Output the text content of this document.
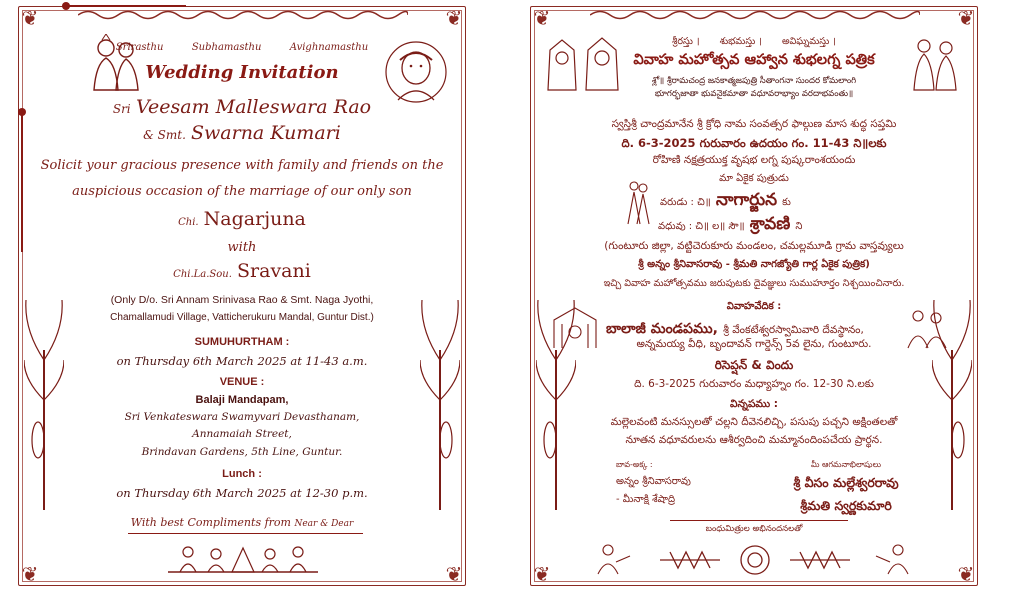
❦	❦
❦	❦
Srirasthu	Subhamasthu	Avighnamasthu
Wedding Invitation
Sri Veesam Malleswara Rao
& Smt. Swarna Kumari
Solicit your gracious presence with family and friends on the
auspicious occasion of the marriage of our only son
Chi. Nagarjuna
with
Chi.La.Sou. Sravani
(Only D/o. Sri Annam Srinivasa Rao & Smt. Naga Jyothi,
Chamallamudi Village, Vatticherukuru Mandal, Guntur Dist.)
SUMUHURTHAM :
on Thursday 6th March 2025 at 11-43 a.m.
VENUE :
Balaji Mandapam,
Sri Venkateswara Swamyvari Devasthanam,
Annamaiah Street,
Brindavan Gardens, 5th Line, Guntur.
Lunch :
on Thursday 6th March 2025 at 12-30 p.m.
With best Compliments from Near & Dear
❦	❦
❦	❦
శ్రీరస్తు । శుభమస్తు । అవిఘ్నమస్తు ।
వివాహ మహోత్సవ ఆహ్వాన శుభలగ్న పత్రిక
శ్లో॥ శ్రీరామచంద్ర జనకాత్మజపుత్రి సీతాంగనా సుందర కోమలాంగి
భూగర్భజాతా భువనైకమాతా వధూవరాభ్యాం వరదాభవంతు॥
స్వస్తిశ్రీ చాంద్రమానేన శ్రీ క్రోధి నామ సంవత్సర ఫాల్గుణ మాస శుద్ధ సప్తమి
ది. 6-3-2025 గురువారం ఉదయం గం. 11-43 ని॥లకు
రోహిణి నక్షత్రయుక్త వృషభ లగ్న పుష్కరాంశయందు
మా ఏకైక పుత్రుడు
వరుడు : చి॥ నాగార్జున కు
వధువు : చి॥ ల॥ సౌ॥ శ్రావణి ని
(గుంటూరు జిల్లా, వట్టిచెరుకూరు మండలం, చమల్లమూడి గ్రామ వాస్తవ్యులు
శ్రీ అన్నం శ్రీనివాసరావు - శ్రీమతి నాగజ్యోతి గార్ల ఏకైక పుత్రిక)
ఇచ్చి వివాహ మహోత్సవము జరుపుటకు దైవజ్ఞులు సుముహూర్తం నిశ్చయించినారు.
వివాహవేదిక :
బాలాజీ మండపము, శ్రీ వేంకటేశ్వరస్వామివారి దేవస్థానం,
అన్నమయ్య వీధి, బృందావన్ గార్డెన్స్ 5వ లైను, గుంటూరు.
రిసెప్షన్ & విందు
ది. 6-3-2025 గురువారం మధ్యాహ్నం గం. 12-30 ని.లకు
విన్నపము :
మల్లెలవంటి మనస్సులతో చల్లని దీవెనలిచ్చి, పసుపు పచ్చని అక్షింతలతో
నూతన వధూవరులను ఆశీర్వదించి మమ్మానందింపచేయ ప్రార్థన.
బావ-అక్క :
అన్నం శ్రీనివాసరావు
- మీనాక్షి శేషాద్రి
మీ ఆగమనాభిలాషులు
శ్రీ వీసం మల్లేశ్వరరావు
శ్రీమతి స్వర్ణకుమారి
బంధుమిత్రుల అభినందనలతో
